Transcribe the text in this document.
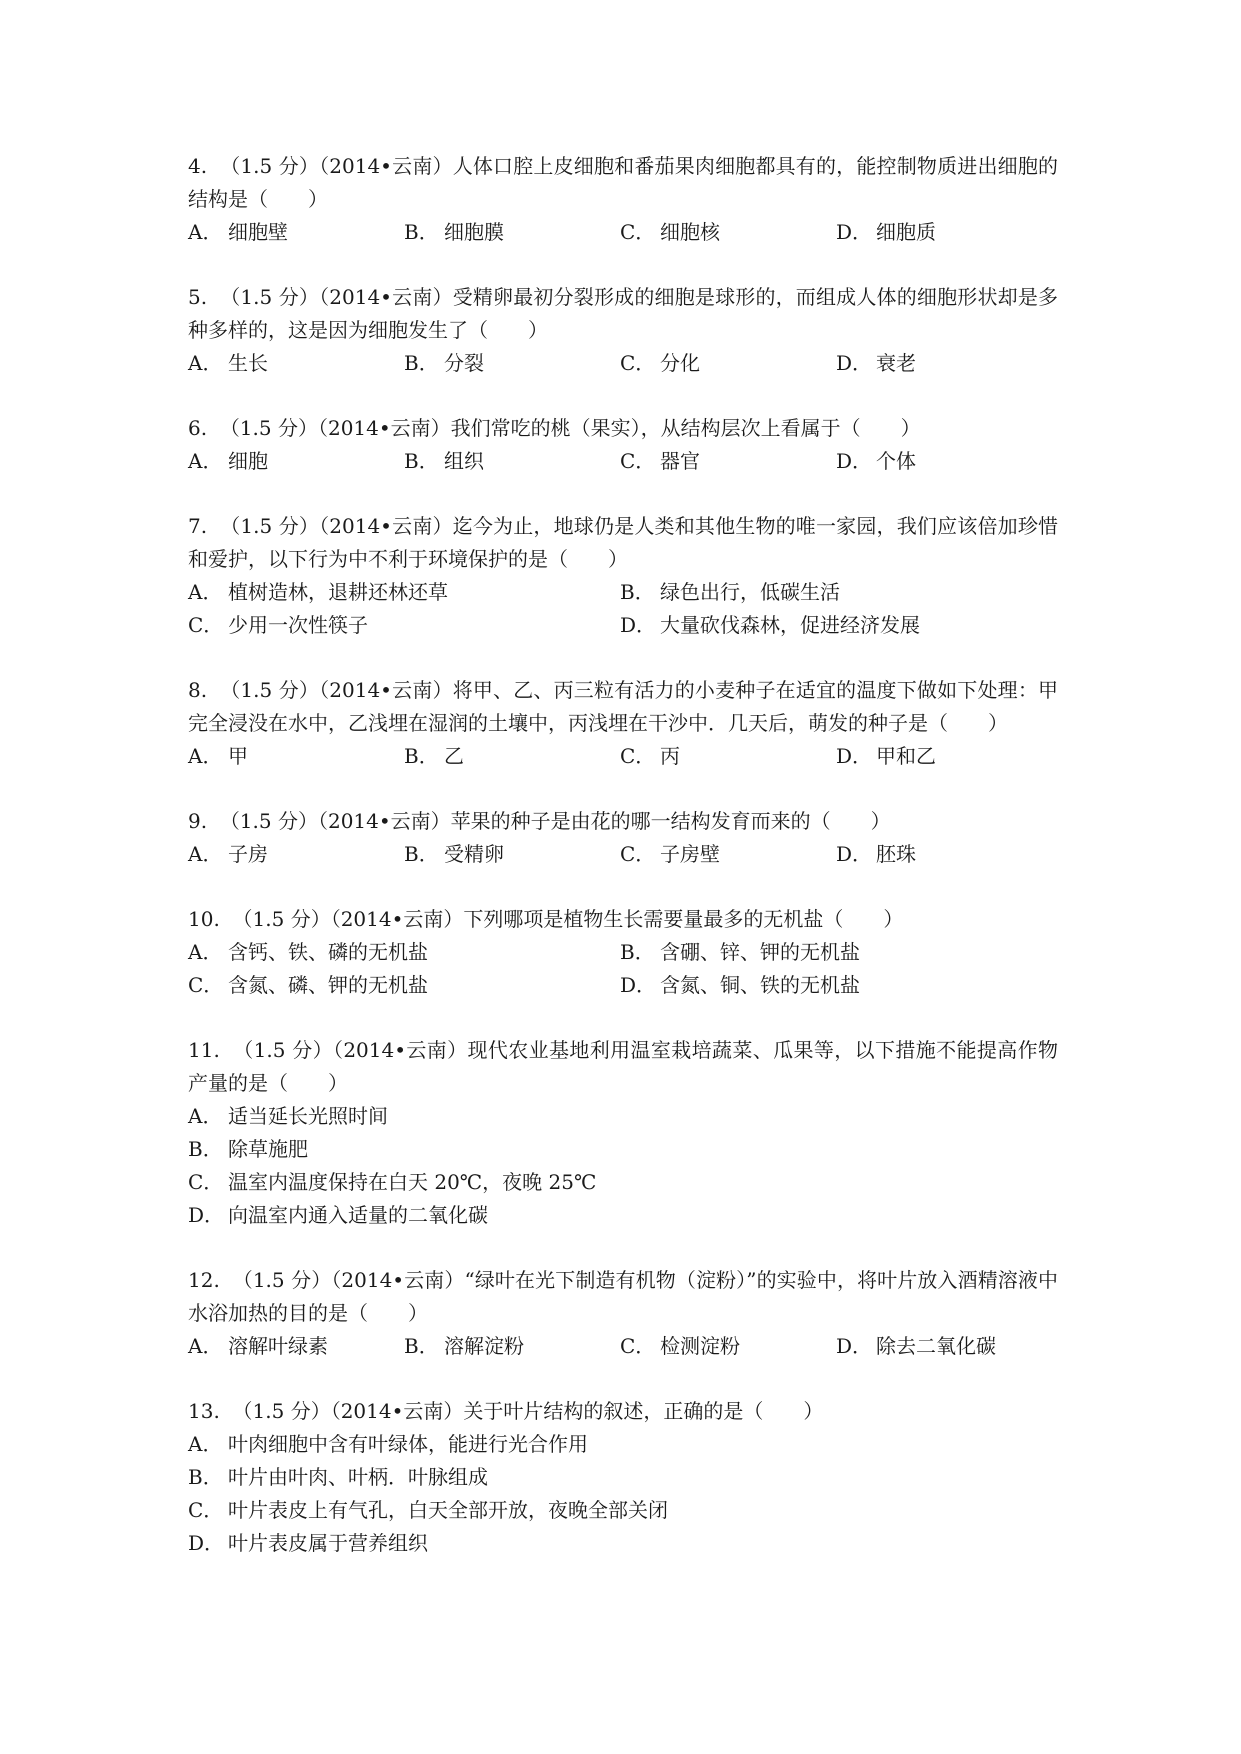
4. （1.5 分）（2014•云南）人体口腔上皮细胞和番茄果肉细胞都具有的，能控制物质进出细胞的结构是（　　）
A． 细胞壁	B． 细胞膜	C． 细胞核	D． 细胞质
5. （1.5 分）（2014•云南）受精卵最初分裂形成的细胞是球形的，而组成人体的细胞形状却是多种多样的，这是因为细胞发生了（　　）
A． 生长	B． 分裂	C． 分化	D． 衰老
6. （1.5 分）（2014•云南）我们常吃的桃（果实），从结构层次上看属于（　　）
A． 细胞	B． 组织	C． 器官	D． 个体
7. （1.5 分）（2014•云南）迄今为止，地球仍是人类和其他生物的唯一家园，我们应该倍加珍惜和爱护，以下行为中不利于环境保护的是（　　）
A． 植树造林，退耕还林还草	B． 绿色出行，低碳生活
C． 少用一次性筷子	D． 大量砍伐森林，促进经济发展
8. （1.5 分）（2014•云南）将甲、乙、丙三粒有活力的小麦种子在适宜的温度下做如下处理：甲完全浸没在水中，乙浅埋在湿润的土壤中，丙浅埋在干沙中．几天后，萌发的种子是（　　）
A． 甲	B． 乙	C． 丙	D． 甲和乙
9. （1.5 分）（2014•云南）苹果的种子是由花的哪一结构发育而来的（　　）
A． 子房	B． 受精卵	C． 子房壁	D． 胚珠
10. （1.5 分）（2014•云南）下列哪项是植物生长需要量最多的无机盐（　　）
A． 含钙、铁、磷的无机盐	B． 含硼、锌、钾的无机盐
C． 含氮、磷、钾的无机盐	D． 含氮、铜、铁的无机盐
11. （1.5 分）（2014•云南）现代农业基地利用温室栽培蔬菜、瓜果等，以下措施不能提高作物产量的是（　　）
A． 适当延长光照时间
B． 除草施肥
C． 温室内温度保持在白天 20℃，夜晚 25℃
D． 向温室内通入适量的二氧化碳
12. （1.5 分）（2014•云南）“绿叶在光下制造有机物（淀粉）”的实验中，将叶片放入酒精溶液中水浴加热的目的是（　　）
A． 溶解叶绿素	B． 溶解淀粉	C． 检测淀粉	D． 除去二氧化碳
13. （1.5 分）（2014•云南）关于叶片结构的叙述，正确的是（　　）
A． 叶肉细胞中含有叶绿体，能进行光合作用
B． 叶片由叶肉、叶柄．叶脉组成
C． 叶片表皮上有气孔，白天全部开放，夜晚全部关闭
D． 叶片表皮属于营养组织
